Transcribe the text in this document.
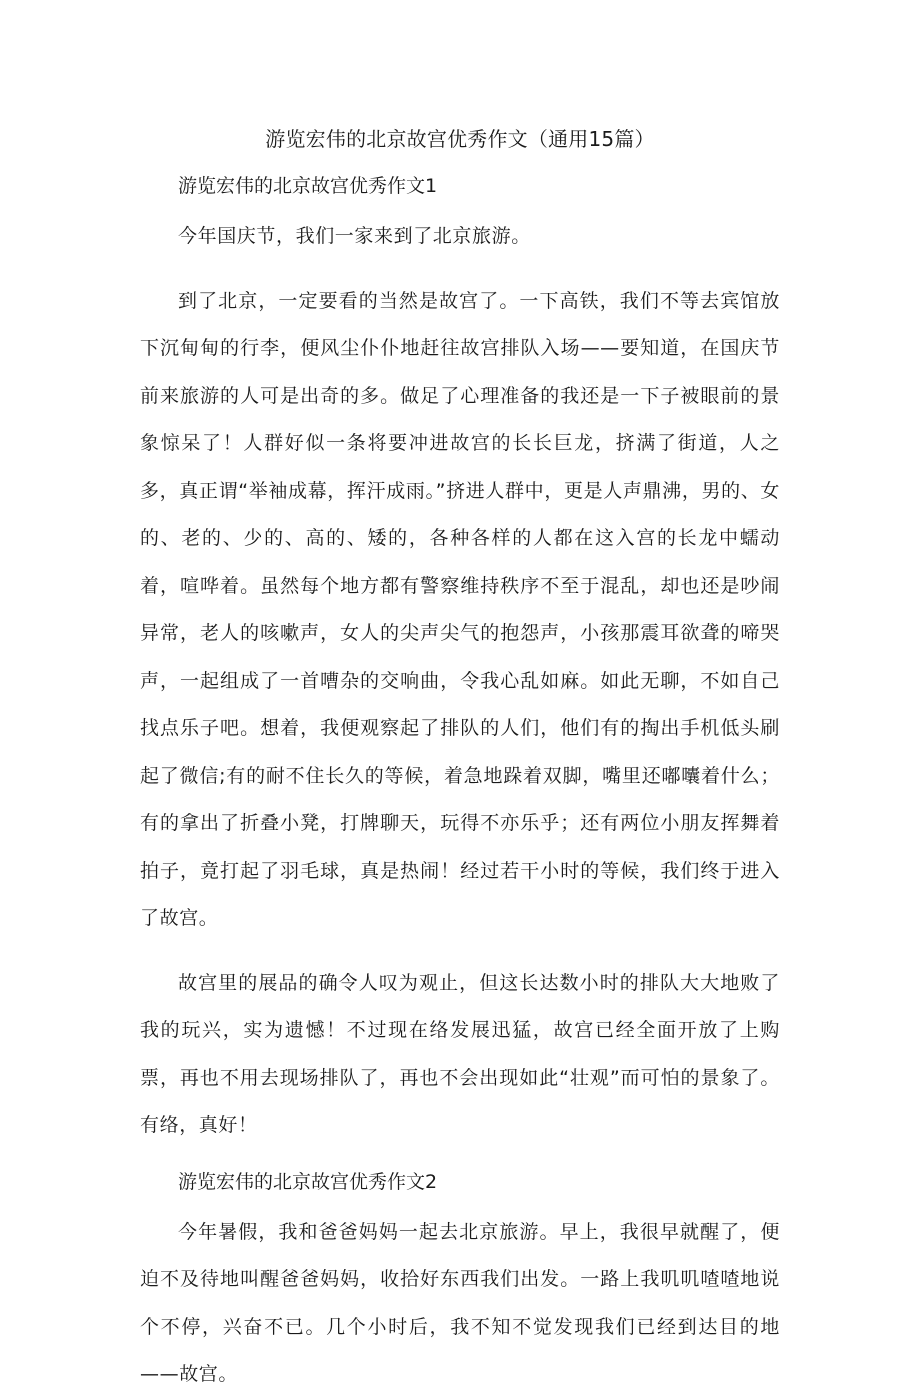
游览宏伟的北京故宫优秀作文（通用15篇）
游览宏伟的北京故宫优秀作文1

今年国庆节，我们一家来到了北京旅游。

到了北京，一定要看的当然是故宫了。一下高铁，我们不等去宾馆放下沉甸甸的行李，便风尘仆仆地赶往故宫排队入场——要知道，在国庆节前来旅游的人可是出奇的多。做足了心理准备的我还是一下子被眼前的景象惊呆了！人群好似一条将要冲进故宫的长长巨龙，挤满了街道，人之多，真正谓“举袖成幕，挥汗成雨。”挤进人群中，更是人声鼎沸，男的、女的、老的、少的、高的、矮的，各种各样的人都在这入宫的长龙中蠕动着，喧哗着。虽然每个地方都有警察维持秩序不至于混乱，却也还是吵闹异常，老人的咳嗽声，女人的尖声尖气的抱怨声，小孩那震耳欲聋的啼哭声，一起组成了一首嘈杂的交响曲，令我心乱如麻。如此无聊，不如自己找点乐子吧。想着，我便观察起了排队的人们，他们有的掏出手机低头刷起了微信;有的耐不住长久的等候，着急地跺着双脚，嘴里还嘟囔着什么；有的拿出了折叠小凳，打牌聊天，玩得不亦乐乎；还有两位小朋友挥舞着拍子，竟打起了羽毛球，真是热闹！经过若干小时的等候，我们终于进入了故宫。

故宫里的展品的确令人叹为观止，但这长达数小时的排队大大地败了我的玩兴，实为遗憾！不过现在络发展迅猛，故宫已经全面开放了上购票，再也不用去现场排队了，再也不会出现如此“壮观”而可怕的景象了。有络，真好！

游览宏伟的北京故宫优秀作文2

今年暑假，我和爸爸妈妈一起去北京旅游。早上，我很早就醒了，便迫不及待地叫醒爸爸妈妈，收拾好东西我们出发。一路上我叽叽喳喳地说个不停，兴奋不已。几个小时后，我不知不觉发现我们已经到达目的地——故宫。
